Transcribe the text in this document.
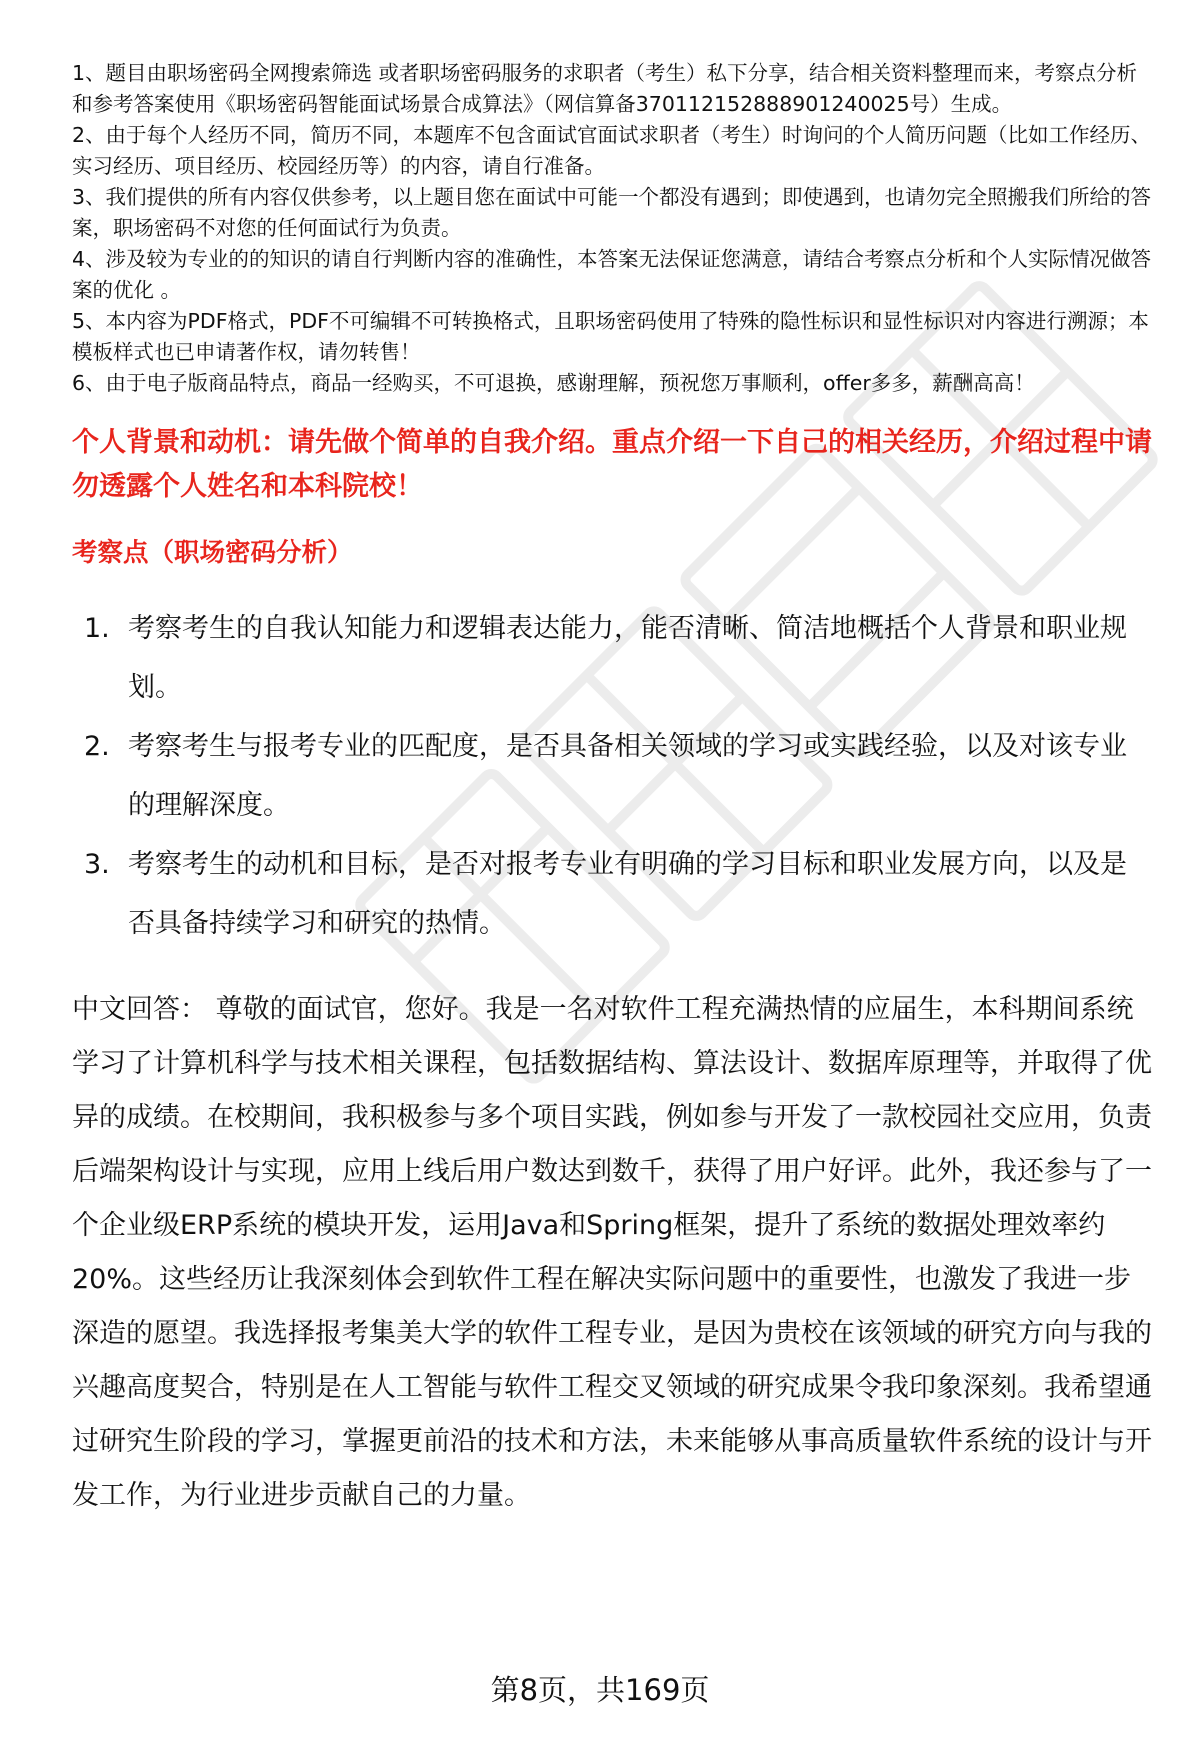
1、题目由职场密码全网搜索筛选 或者职场密码服务的求职者（考生）私下分享，结合相关资料整理而来，考察点分析和参考答案使用《职场密码智能面试场景合成算法》（网信算备370112152888901240025号）生成。

2、由于每个人经历不同，简历不同，本题库不包含面试官面试求职者（考生）时询问的个人简历问题（比如工作经历、实习经历、项目经历、校园经历等）的内容，请自行准备。

3、我们提供的所有内容仅供参考，以上题目您在面试中可能一个都没有遇到；即使遇到，也请勿完全照搬我们所给的答案，职场密码不对您的任何面试行为负责。

4、涉及较为专业的的知识的请自行判断内容的准确性，本答案无法保证您满意，请结合考察点分析和个人实际情况做答案的优化 。

5、本内容为PDF格式，PDF不可编辑不可转换格式，且职场密码使用了特殊的隐性标识和显性标识对内容进行溯源；本模板样式也已申请著作权，请勿转售！

6、由于电子版商品特点，商品一经购买，不可退换，感谢理解，预祝您万事顺利，offer多多，薪酬高高！

个人背景和动机：请先做个简单的自我介绍。重点介绍一下自己的相关经历，介绍过程中请勿透露个人姓名和本科院校！
考察点（职场密码分析）
1. 考察考生的自我认知能力和逻辑表达能力，能否清晰、简洁地概括个人背景和职业规划。
2. 考察考生与报考专业的匹配度，是否具备相关领域的学习或实践经验，以及对该专业的理解深度。
3. 考察考生的动机和目标，是否对报考专业有明确的学习目标和职业发展方向，以及是否具备持续学习和研究的热情。

中文回答： 尊敬的面试官，您好。我是一名对软件工程充满热情的应届生，本科期间系统学习了计算机科学与技术相关课程，包括数据结构、算法设计、数据库原理等，并取得了优异的成绩。在校期间，我积极参与多个项目实践，例如参与开发了一款校园社交应用，负责后端架构设计与实现，应用上线后用户数达到数千，获得了用户好评。此外，我还参与了一个企业级ERP系统的模块开发，运用Java和Spring框架，提升了系统的数据处理效率约20%。这些经历让我深刻体会到软件工程在解决实际问题中的重要性，也激发了我进一步深造的愿望。我选择报考集美大学的软件工程专业，是因为贵校在该领域的研究方向与我的兴趣高度契合，特别是在人工智能与软件工程交叉领域的研究成果令我印象深刻。我希望通过研究生阶段的学习，掌握更前沿的技术和方法，未来能够从事高质量软件系统的设计与开发工作，为行业进步贡献自己的力量。

第8页，共169页
